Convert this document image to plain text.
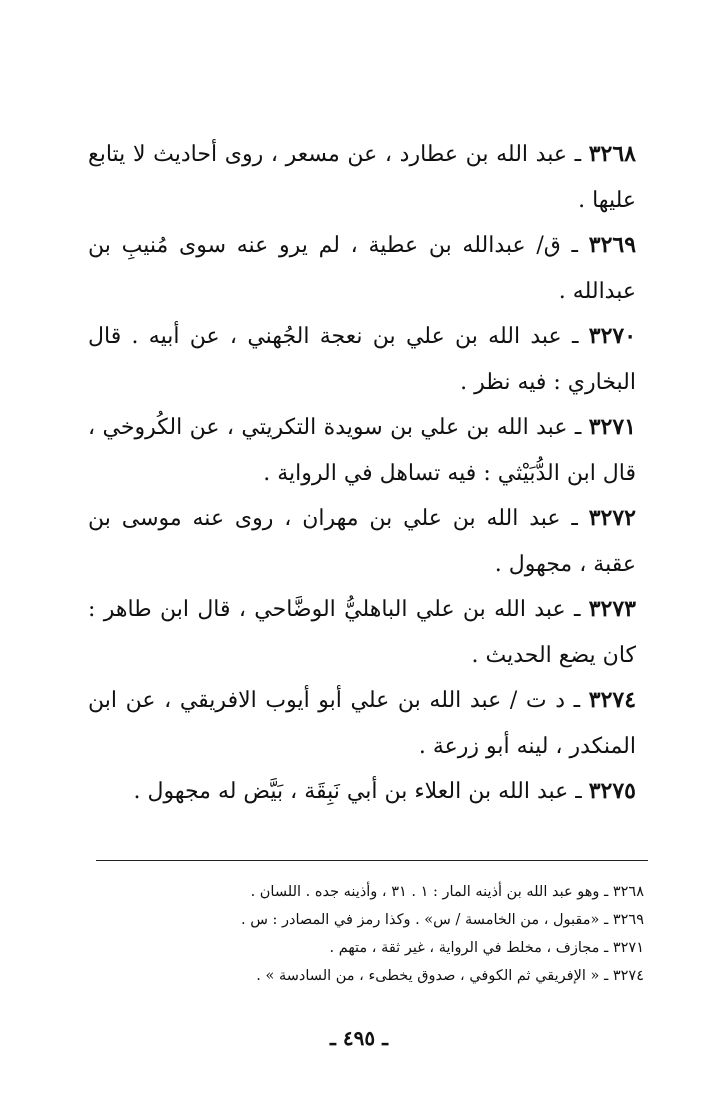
٣٢٦٨ ـ عبد الله بن عطارد ، عن مسعر ، روى أحاديث لا يتابع عليها .

٣٢٦٩ ـ ق/ عبدالله بن عطية ، لم يرو عنه سوى مُنيبِ بن عبدالله .

٣٢٧٠ ـ عبد الله بن علي بن نعجة الجُهني ، عن أبيه . قال البخاري : فيه نظر .

٣٢٧١ ـ عبد الله بن علي بن سويدة التكريتي ، عن الكُروخي ، قال ابن الدُّبَيْثي : فيه تساهل في الرواية .

٣٢٧٢ ـ عبد الله بن علي بن مهران ، روى عنه موسى بن عقبة ، مجهول .

٣٢٧٣ ـ عبد الله بن علي الباهليُّ الوضَّاحي ، قال ابن طاهر : كان يضع الحديث .

٣٢٧٤ ـ د ت / عبد الله بن علي أبو أيوب الافريقي ، عن ابن المنكدر ، لينه أبو زرعة .

٣٢٧٥ ـ عبد الله بن العلاء بن أبي نَبِقَة ، بَيَّض له مجهول .

٣٢٦٨ ـ وهو عبد الله بن أذينه المار : ١ . ٣١ ، وأذينه جده . اللسان .

٣٢٦٩ ـ «مقبول ، من الخامسة / س» . وكذا رمز في المصادر : س .

٣٢٧١ ـ مجازف ، مخلط في الرواية ، غير ثقة ، متهم .

٣٢٧٤ ـ « الإفريقي ثم الكوفي ، صدوق يخطىء ، من السادسة » .

ـ ٤٩٥ ـ
